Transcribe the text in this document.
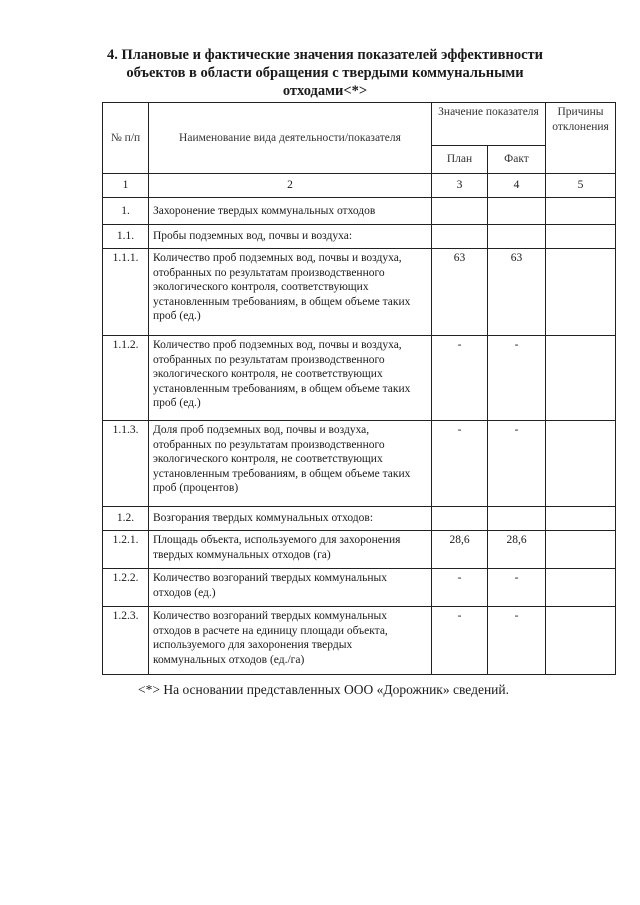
4. Плановые и фактические значения показателей эффективности
объектов в области обращения с твердыми коммунальными
отходами<*>
№ п/п	Наименование вида деятельности/показателя	Значение показателя		Причины отклонения
		План	Факт	
1	2	3	4	5
1.	Захоронение твердых коммунальных отходов			
1.1.	Пробы подземных вод, почвы и воздуха:			
1.1.1.	Количество проб подземных вод, почвы и воздуха, отобранных по результатам производственного экологического контроля, соответствующих установленным требованиям, в общем объеме таких проб (ед.)	63	63	
1.1.2.	Количество проб подземных вод, почвы и воздуха, отобранных по результатам производственного экологического контроля, не соответствующих установленным требованиям, в общем объеме таких проб (ед.)	-	-	
1.1.3.	Доля проб подземных вод, почвы и воздуха, отобранных по результатам производственного экологического контроля, не соответствующих установленным требованиям, в общем объеме таких проб (процентов)	-	-	
1.2.	Возгорания твердых коммунальных отходов:			
1.2.1.	Площадь объекта, используемого для захоронения твердых коммунальных отходов (га)	28,6	28,6	
1.2.2.	Количество возгораний твердых коммунальных отходов (ед.)	-	-	
1.2.3.	Количество возгораний твердых коммунальных отходов в расчете на единицу площади объекта, используемого для захоронения твердых коммунальных отходов (ед./га)	-	-	
<*> На основании представленных ООО «Дорожник» сведений.
